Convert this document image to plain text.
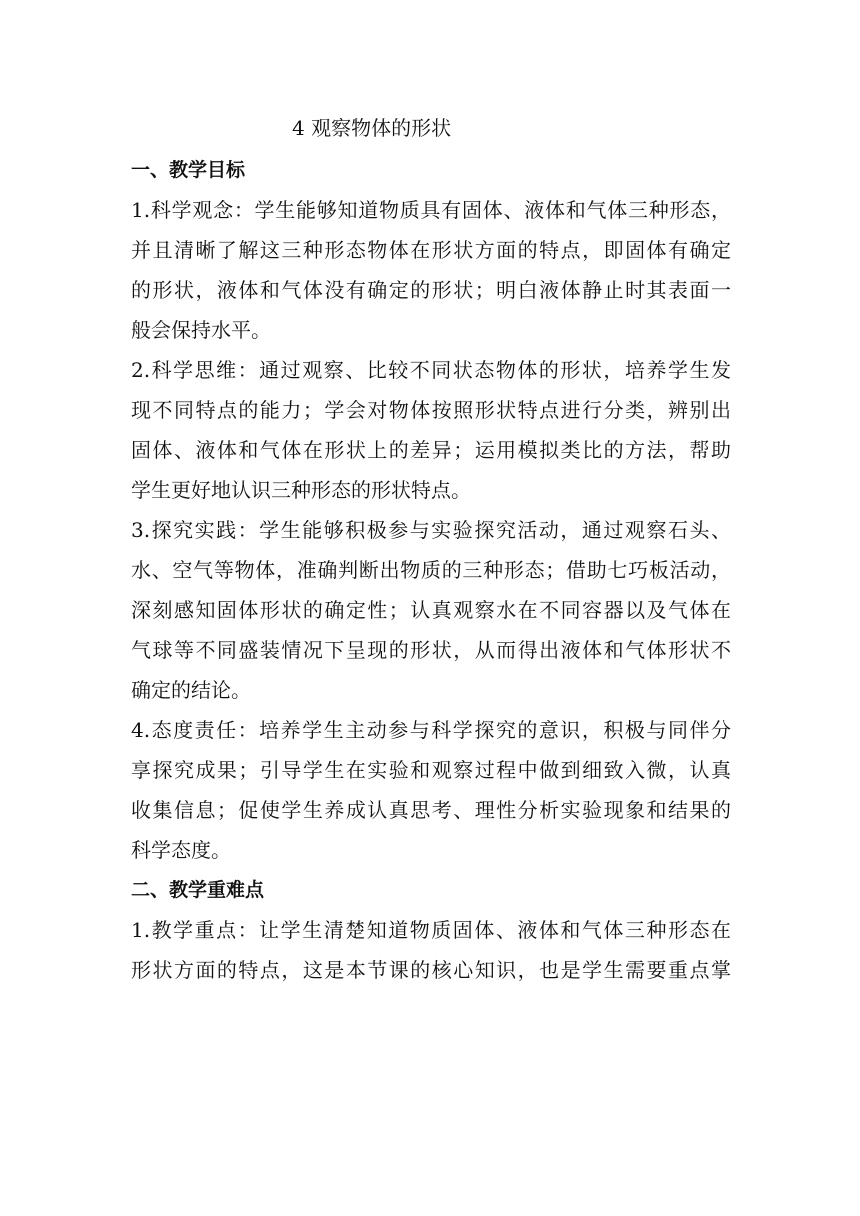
4 观察物体的形状
一、教学目标
1.科学观念：学生能够知道物质具有固体、液体和气体三种形态，
并且清晰了解这三种形态物体在形状方面的特点，即固体有确定
的形状，液体和气体没有确定的形状；明白液体静止时其表面一
般会保持水平。
2.科学思维：通过观察、比较不同状态物体的形状，培养学生发
现不同特点的能力；学会对物体按照形状特点进行分类，辨别出
固体、液体和气体在形状上的差异；运用模拟类比的方法，帮助
学生更好地认识三种形态的形状特点。
3.探究实践：学生能够积极参与实验探究活动，通过观察石头、
水、空气等物体，准确判断出物质的三种形态；借助七巧板活动，
深刻感知固体形状的确定性；认真观察水在不同容器以及气体在
气球等不同盛装情况下呈现的形状，从而得出液体和气体形状不
确定的结论。
4.态度责任：培养学生主动参与科学探究的意识，积极与同伴分
享探究成果；引导学生在实验和观察过程中做到细致入微，认真
收集信息；促使学生养成认真思考、理性分析实验现象和结果的
科学态度。
二、教学重难点
1.教学重点：让学生清楚知道物质固体、液体和气体三种形态在
形状方面的特点，这是本节课的核心知识，也是学生需要重点掌
